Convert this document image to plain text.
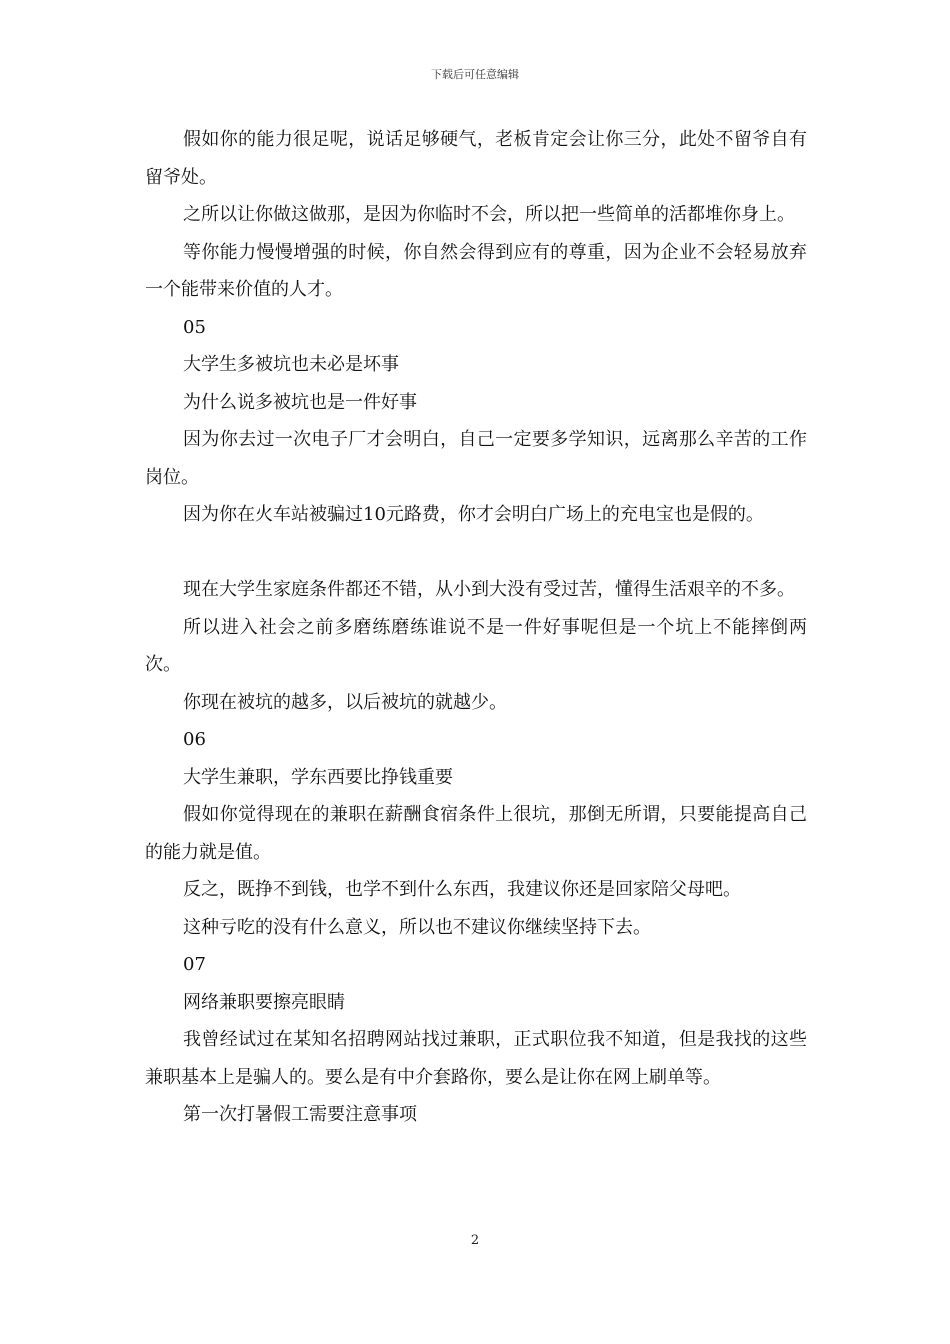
下载后可任意编辑

假如你的能力很足呢，说话足够硬气，老板肯定会让你三分，此处不留爷自有留爷处。

之所以让你做这做那，是因为你临时不会，所以把一些简单的活都堆你身上。

等你能力慢慢增强的时候，你自然会得到应有的尊重，因为企业不会轻易放弃一个能带来价值的人才。

05

大学生多被坑也未必是坏事

为什么说多被坑也是一件好事

因为你去过一次电子厂才会明白，自己一定要多学知识，远离那么辛苦的工作岗位。

因为你在火车站被骗过10元路费，你才会明白广场上的充电宝也是假的。

现在大学生家庭条件都还不错，从小到大没有受过苦，懂得生活艰辛的不多。

所以进入社会之前多磨练磨练谁说不是一件好事呢但是一个坑上不能摔倒两次。

你现在被坑的越多，以后被坑的就越少。

06

大学生兼职，学东西要比挣钱重要

假如你觉得现在的兼职在薪酬食宿条件上很坑，那倒无所谓，只要能提高自己的能力就是值。

反之，既挣不到钱，也学不到什么东西，我建议你还是回家陪父母吧。

这种亏吃的没有什么意义，所以也不建议你继续坚持下去。

07

网络兼职要擦亮眼睛

我曾经试过在某知名招聘网站找过兼职，正式职位我不知道，但是我找的这些兼职基本上是骗人的。要么是有中介套路你，要么是让你在网上刷单等。

第一次打暑假工需要注意事项

2
